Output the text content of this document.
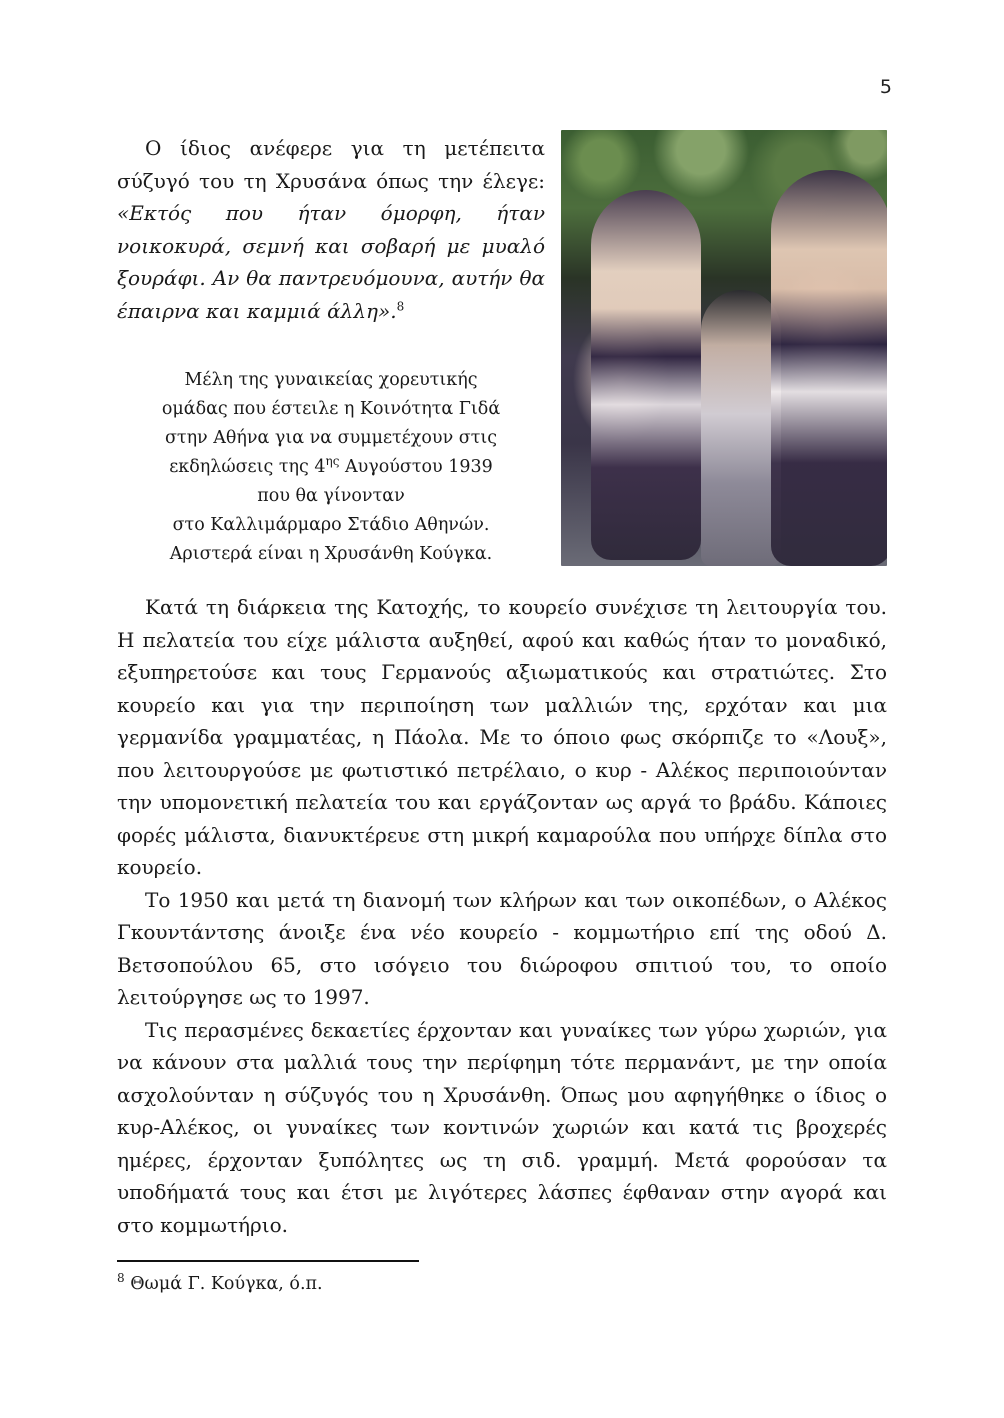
5

Ο ίδιος ανέφερε για τη μετέπειτα σύζυγό του τη Χρυσάνα όπως την έλεγε: «Εκτός που ήταν όμορφη, ήταν νοικοκυρά, σεμνή και σοβαρή με μυαλό ξουράφι. Αν θα παντρευόμουνα, αυτήν θα έπαιρνα και καμμιά άλλη».$^8$

Μέλη της γυναικείας χορευτικής
ομάδας που έστειλε η Κοινότητα Γιδά
στην Αθήνα για να συμμετέχουν στις
εκδηλώσεις της $4^{\eta\varsigma}$ Αυγούστου 1939
που θα γίνονταν
στο Καλλιμάρμαρο Στάδιο Αθηνών.
Αριστερά είναι η Χρυσάνθη Κούγκα.

Κατά τη διάρκεια της Κατοχής, το κουρείο συνέχισε τη λειτουργία του. Η πελατεία του είχε μάλιστα αυξηθεί, αφού και καθώς ήταν το μοναδικό, εξυπηρετούσε και τους Γερμανούς αξιωματικούς και στρατιώτες. Στο κουρείο και για την περιποίηση των μαλλιών της, ερχόταν και μια γερμανίδα γραμματέας, η Πάολα. Με το όποιο φως σκόρπιζε το «Λουξ», που λειτουργούσε με φωτιστικό πετρέλαιο, ο κυρ - Αλέκος περιποιούνταν την υπομονετική πελατεία του και εργάζονταν ως αργά το βράδυ. Κάποιες φορές μάλιστα, διανυκτέρευε στη μικρή καμαρούλα που υπήρχε δίπλα στο κουρείο.

Το 1950 και μετά τη διανομή των κλήρων και των οικοπέδων, ο Αλέκος Γκουντάντσης άνοιξε ένα νέο κουρείο - κομμωτήριο επί της οδού Δ. Βετσοπούλου 65, στο ισόγειο του διώροφου σπιτιού του, το οποίο λειτούργησε ως το 1997.

Τις περασμένες δεκαετίες έρχονταν και γυναίκες των γύρω χωριών, για να κάνουν στα μαλλιά τους την περίφημη τότε περμανάντ, με την οποία ασχολούνταν η σύζυγός του η Χρυσάνθη. Όπως μου αφηγήθηκε ο ίδιος ο κυρ-Αλέκος, οι γυναίκες των κοντινών χωριών και κατά τις βροχερές ημέρες, έρχονταν ξυπόλητες ως τη σιδ. γραμμή. Μετά φορούσαν τα υποδήματά τους και έτσι με λιγότερες λάσπες έφθαναν στην αγορά και στο κομμωτήριο.

$^8$ Θωμά Γ. Κούγκα, ό.π.
